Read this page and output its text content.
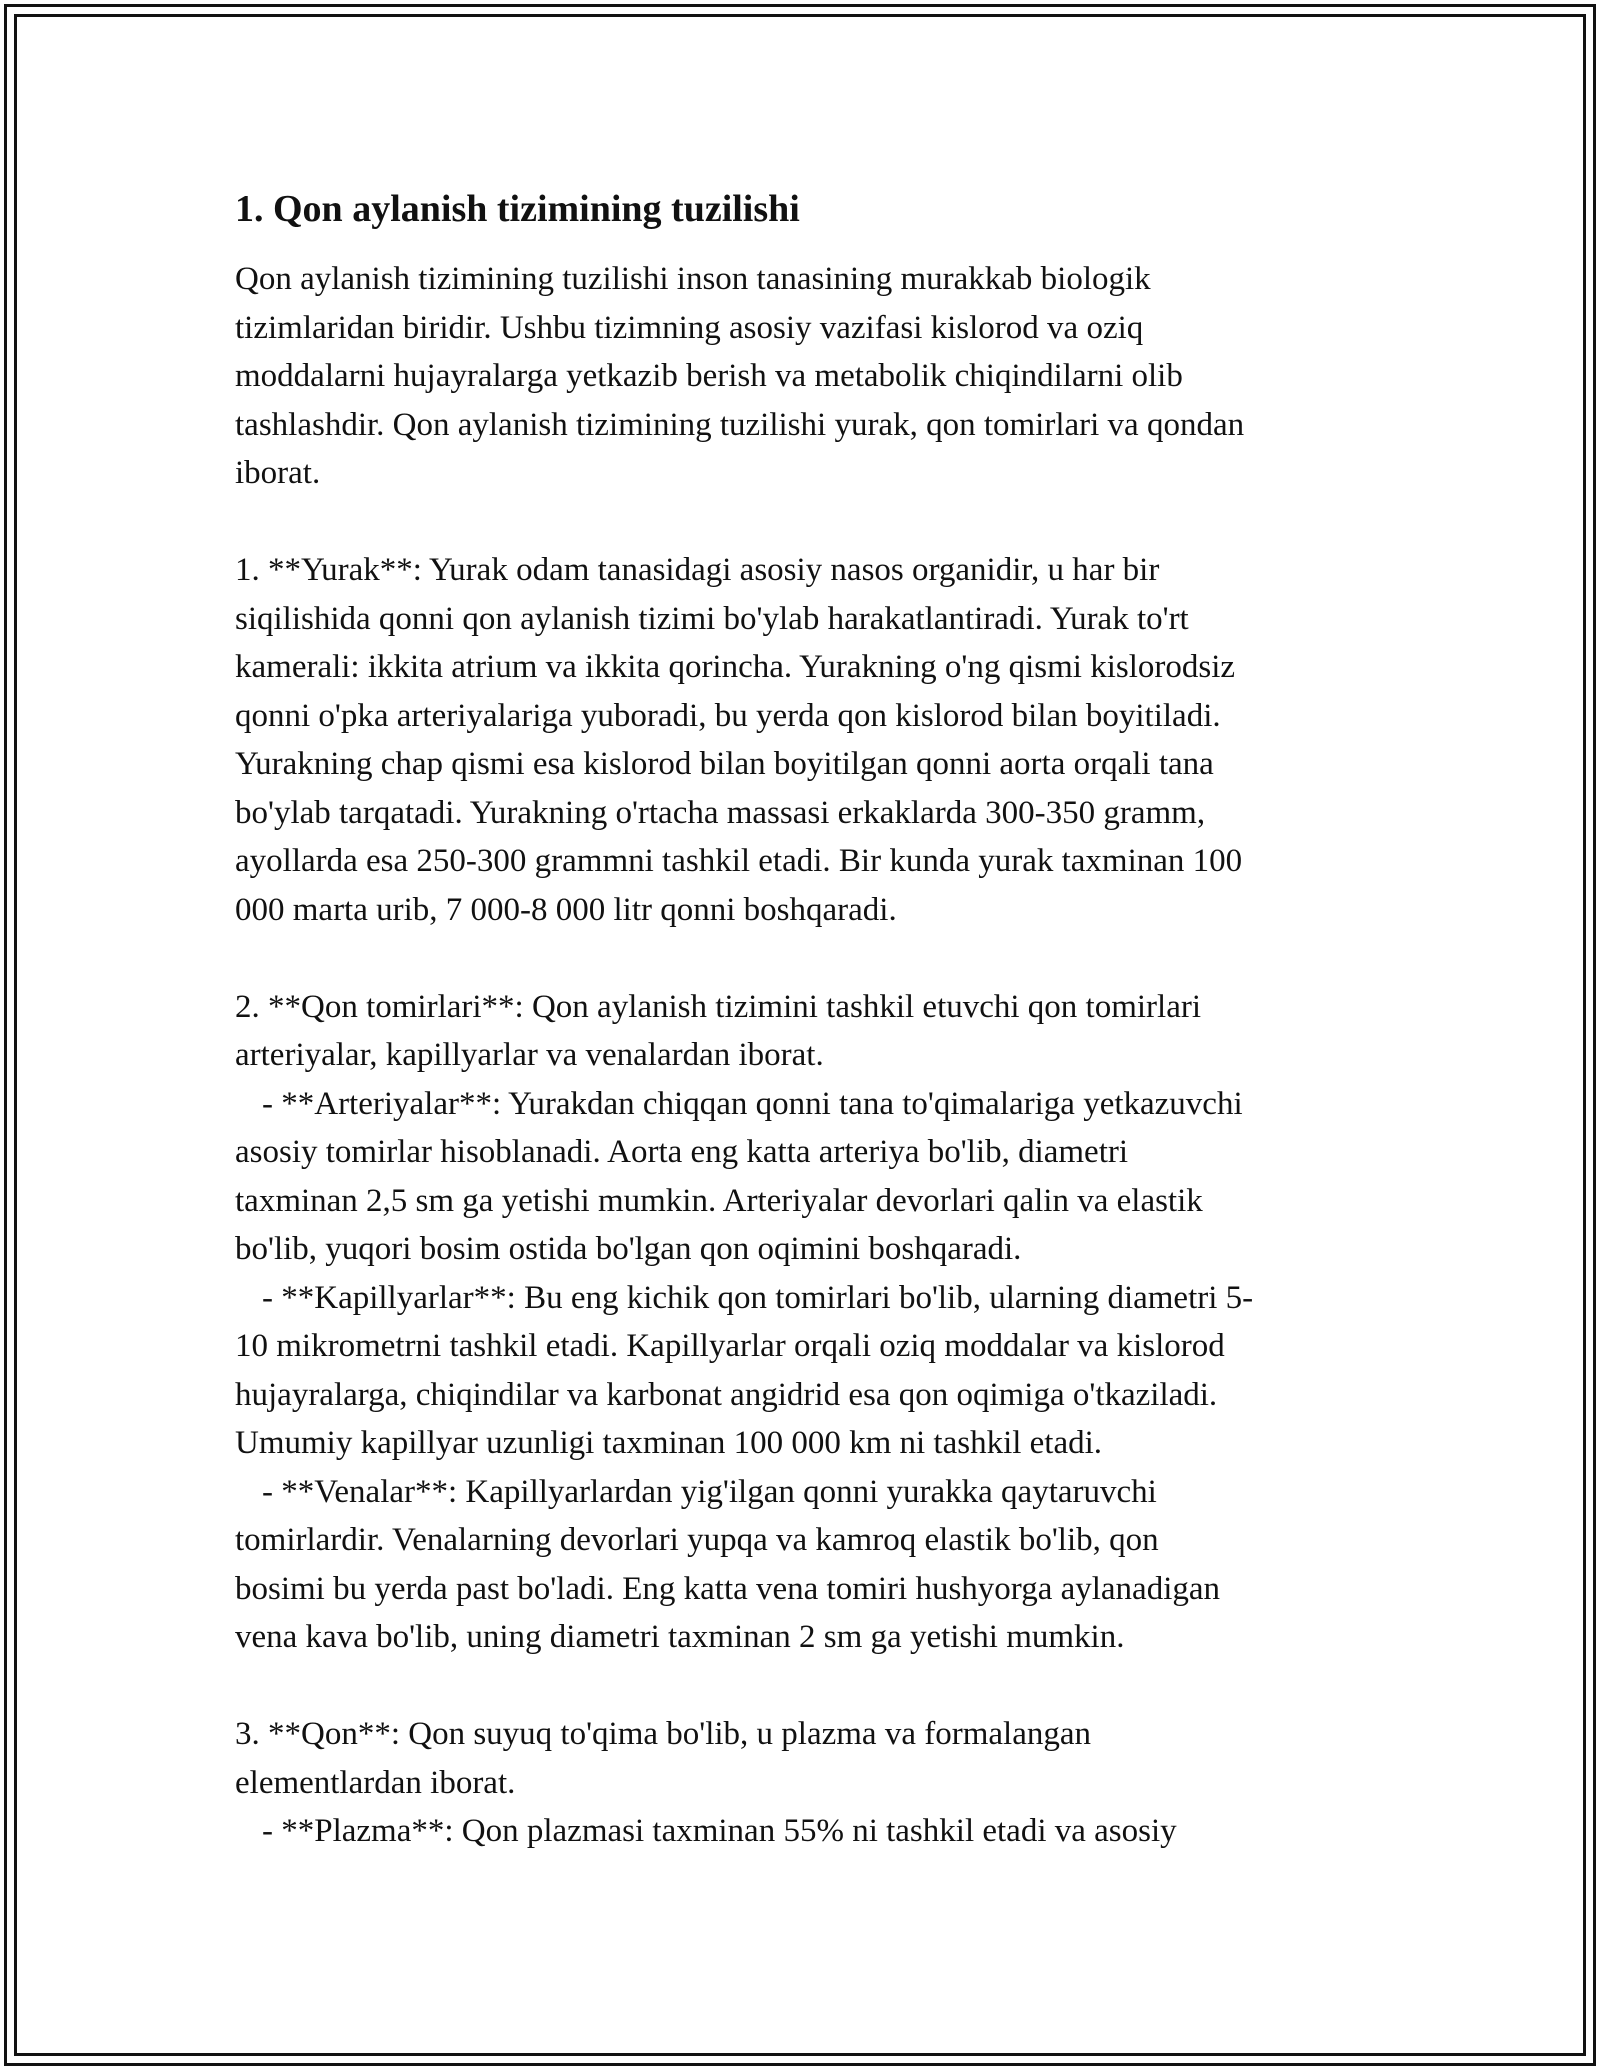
1. Qon aylanish tizimining tuzilishi

Qon aylanish tizimining tuzilishi inson tanasining murakkab biologik

tizimlaridan biridir. Ushbu tizimning asosiy vazifasi kislorod va oziq

moddalarni hujayralarga yetkazib berish va metabolik chiqindilarni olib

tashlashdir. Qon aylanish tizimining tuzilishi yurak, qon tomirlari va qondan

iborat.

1. **Yurak**: Yurak odam tanasidagi asosiy nasos organidir, u har bir

siqilishida qonni qon aylanish tizimi bo'ylab harakatlantiradi. Yurak to'rt

kamerali: ikkita atrium va ikkita qorincha. Yurakning o'ng qismi kislorodsiz

qonni o'pka arteriyalariga yuboradi, bu yerda qon kislorod bilan boyitiladi.

Yurakning chap qismi esa kislorod bilan boyitilgan qonni aorta orqali tana

bo'ylab tarqatadi. Yurakning o'rtacha massasi erkaklarda 300-350 gramm,

ayollarda esa 250-300 grammni tashkil etadi. Bir kunda yurak taxminan 100

000 marta urib, 7 000-8 000 litr qonni boshqaradi.

2. **Qon tomirlari**: Qon aylanish tizimini tashkil etuvchi qon tomirlari

arteriyalar, kapillyarlar va venalardan iborat.

- **Arteriyalar**: Yurakdan chiqqan qonni tana to'qimalariga yetkazuvchi

asosiy tomirlar hisoblanadi. Aorta eng katta arteriya bo'lib, diametri

taxminan 2,5 sm ga yetishi mumkin. Arteriyalar devorlari qalin va elastik

bo'lib, yuqori bosim ostida bo'lgan qon oqimini boshqaradi.

- **Kapillyarlar**: Bu eng kichik qon tomirlari bo'lib, ularning diametri 5-

10 mikrometrni tashkil etadi. Kapillyarlar orqali oziq moddalar va kislorod

hujayralarga, chiqindilar va karbonat angidrid esa qon oqimiga o'tkaziladi.

Umumiy kapillyar uzunligi taxminan 100 000 km ni tashkil etadi.

- **Venalar**: Kapillyarlardan yig'ilgan qonni yurakka qaytaruvchi

tomirlardir. Venalarning devorlari yupqa va kamroq elastik bo'lib, qon

bosimi bu yerda past bo'ladi. Eng katta vena tomiri hushyorga aylanadigan

vena kava bo'lib, uning diametri taxminan 2 sm ga yetishi mumkin.

3. **Qon**: Qon suyuq to'qima bo'lib, u plazma va formalangan

elementlardan iborat.

- **Plazma**: Qon plazmasi taxminan 55% ni tashkil etadi va asosiy
